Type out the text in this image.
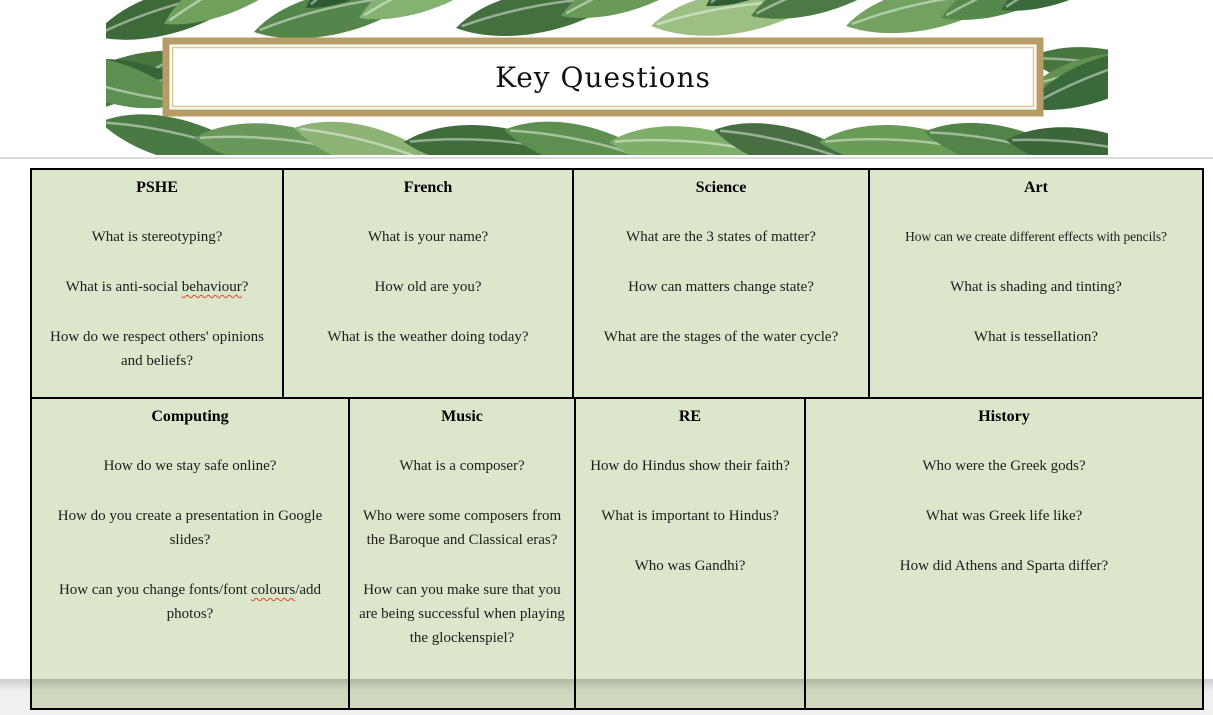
Key Questions
PSHE

What is stereotyping?

What is anti-social behaviour?

How do we respect others' opinions and beliefs?

French

What is your name?

How old are you?

What is the weather doing today?

Science

What are the 3 states of matter?

How can matters change state?

What are the stages of the water cycle?

Art

How can we create different effects with pencils?

What is shading and tinting?

What is tessellation?

Computing

How do we stay safe online?

How do you create a presentation in Google slides?

How can you change fonts/font colours/add photos?

Music

What is a composer?

Who were some composers from the Baroque and Classical eras?

How can you make sure that you are being successful when playing the glockenspiel?

RE

How do Hindus show their faith?

What is important to Hindus?

Who was Gandhi?

History

Who were the Greek gods?

What was Greek life like?

How did Athens and Sparta differ?
